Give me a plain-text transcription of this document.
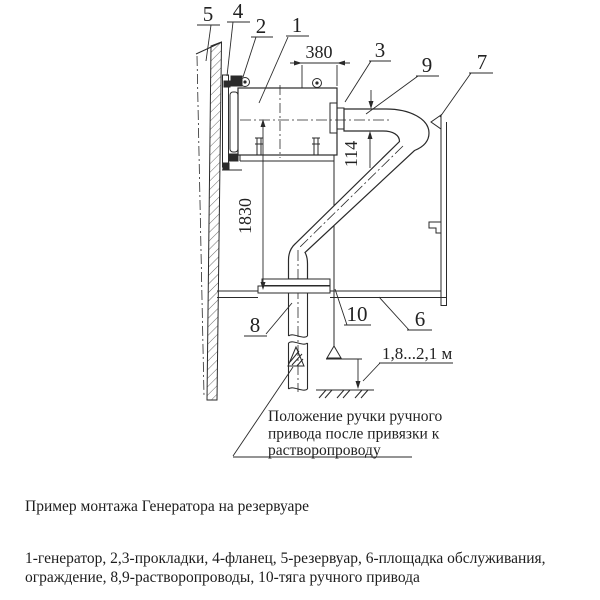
380
114
1830
1,8...2,1 м
5 4
2 1
3
9 7
8	10 6
Положение ручки ручного
привода после привязки к
растворопроводу
Пример монтажа Генератора на резервуаре
1-генератор, 2,3-прокладки, 4-фланец, 5-резервуар, 6-площадка обслуживания,
ограждение, 8,9-растворопроводы, 10-тяга ручного привода
